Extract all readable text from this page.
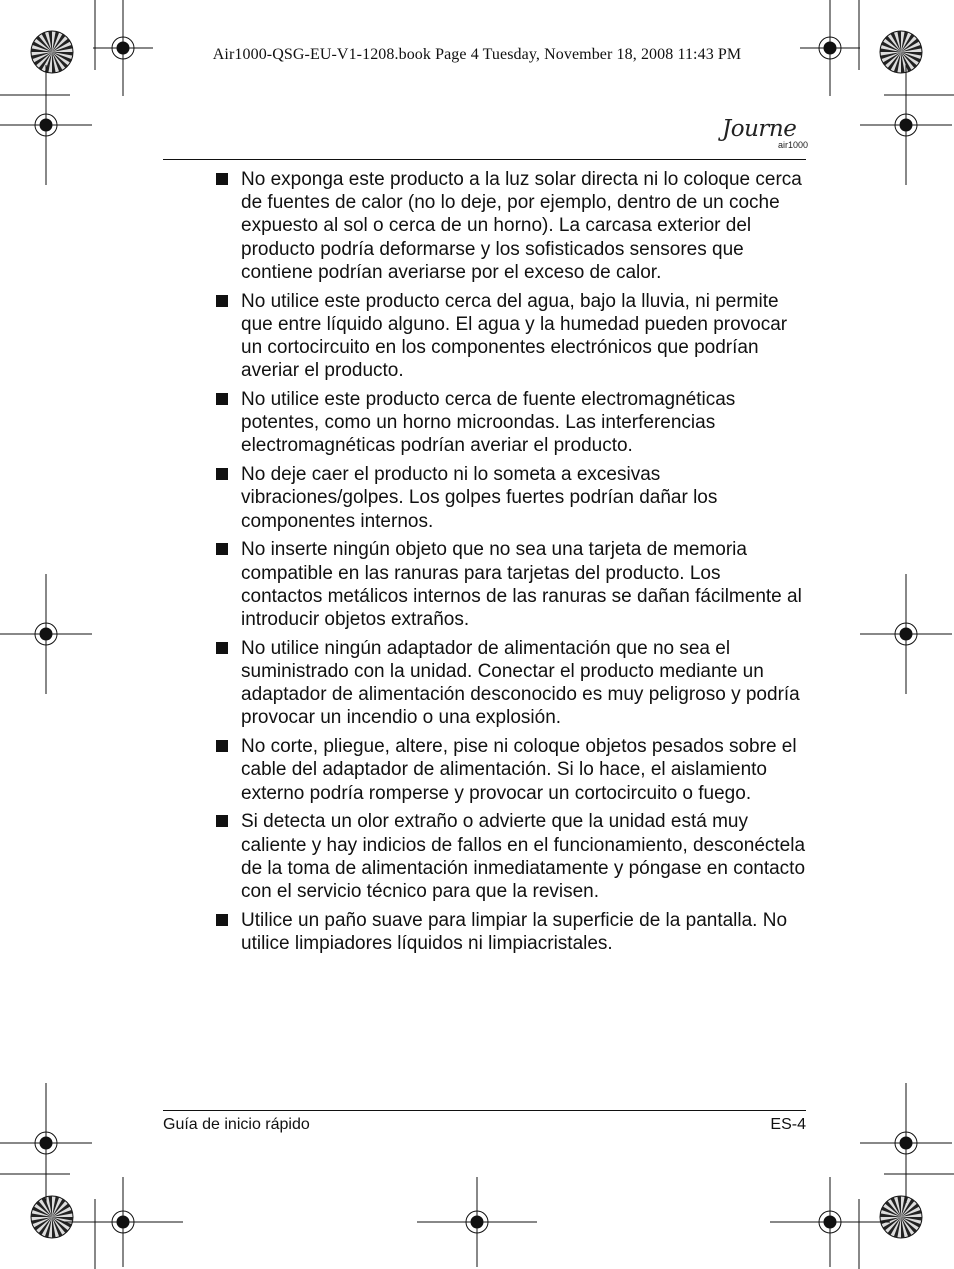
Air1000-QSG-EU-V1-1208.book Page 4 Tuesday, November 18, 2008 11:43 PM
Journe
air1000
No exponga este producto a la luz solar directa ni lo coloque cerca de fuentes de calor (no lo deje, por ejemplo, dentro de un coche expuesto al sol o cerca de un horno). La carcasa exterior del producto podría deformarse y los sofisticados sensores que contiene podrían averiarse por el exceso de calor.
No utilice este producto cerca del agua, bajo la lluvia, ni permite que entre líquido alguno. El agua y la humedad pueden provocar un cortocircuito en los componentes electrónicos que podrían averiar el producto.
No utilice este producto cerca de fuente electromagnéticas potentes, como un horno microondas. Las interferencias electromagnéticas podrían averiar el producto.
No deje caer el producto ni lo someta a excesivas vibraciones/golpes. Los golpes fuertes podrían dañar los componentes internos.
No inserte ningún objeto que no sea una tarjeta de memoria compatible en las ranuras para tarjetas del producto. Los contactos metálicos internos de las ranuras se dañan fácilmente al introducir objetos extraños.
No utilice ningún adaptador de alimentación que no sea el suministrado con la unidad. Conectar el producto mediante un adaptador de alimentación desconocido es muy peligroso y podría provocar un incendio o una explosión.
No corte, pliegue, altere, pise ni coloque objetos pesados sobre el cable del adaptador de alimentación. Si lo hace, el aislamiento externo podría romperse y provocar un cortocircuito o fuego.
Si detecta un olor extraño o advierte que la unidad está muy caliente y hay indicios de fallos en el funcionamiento, desconéctela de la toma de alimentación inmediatamente y póngase en contacto con el servicio técnico para que la revisen.
Utilice un paño suave para limpiar la superficie de la pantalla. No utilice limpiadores líquidos ni limpiacristales.
Guía de inicio rápido	ES-4
